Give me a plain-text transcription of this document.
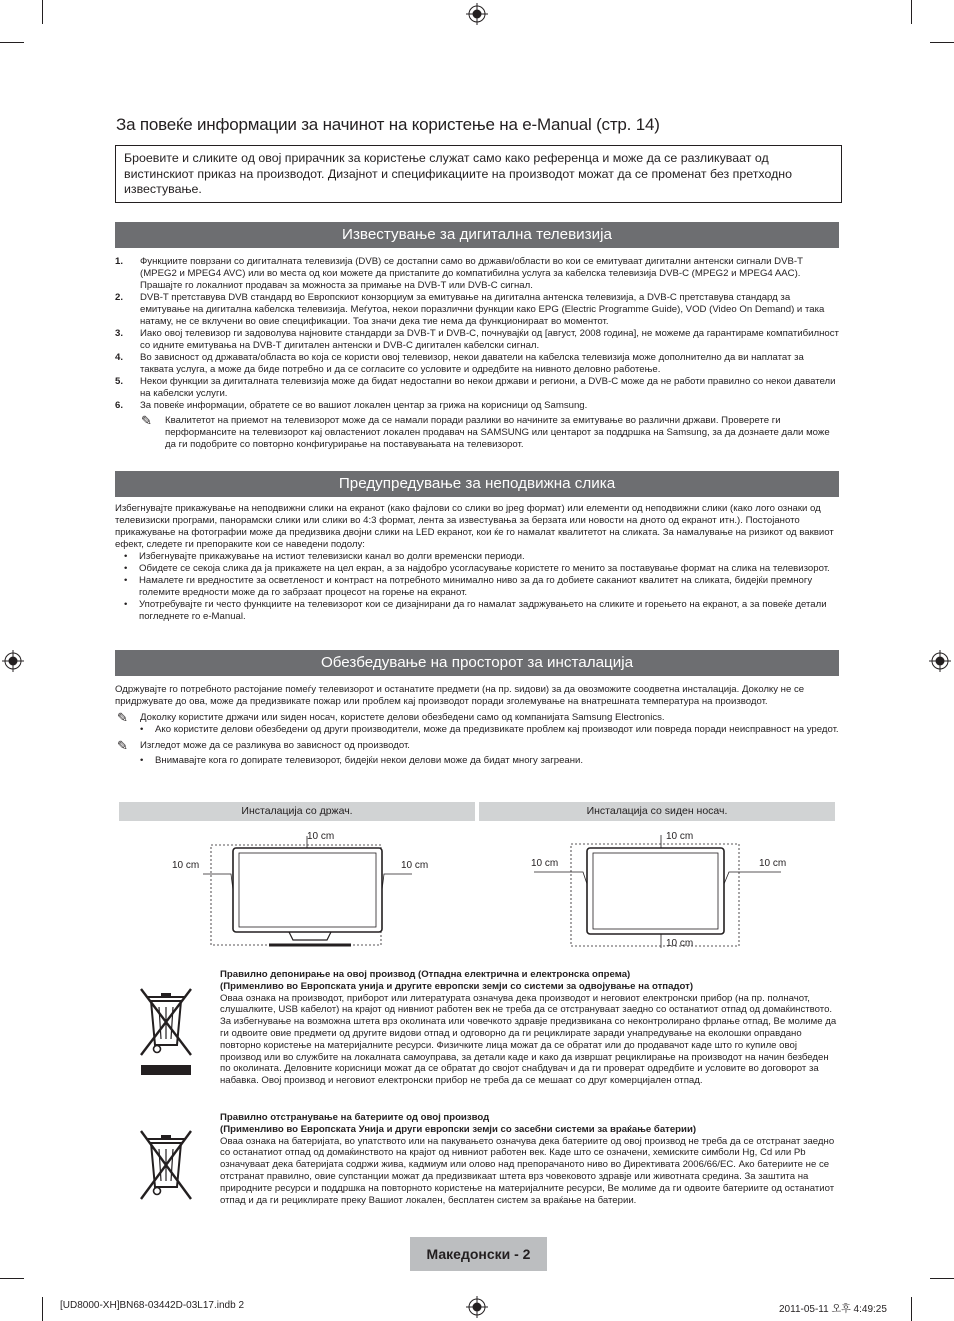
За повеќе информации за начинот на користење на e-Manual (стр. 14)
Броевите и сликите од овој прирачник за користење служат само како референца и може да се разликуваат од вистинскиот приказ на производот. Дизајнот и спецификациите на производот можат да се променат без претходно известување.
Известување за дигитална телевизија
1. Функциите поврзани со дигиталната телевизија (DVB) се достапни само во држави/области во кои се емитуваат дигитални антенски сигнали DVB-T (MPEG2 и MPEG4 AVC) или во места од кои можете да пристапите до компатибилна услуга за кабелска телевизија DVB-C (MPEG2 и MPEG4 AAC). Прашајте го локалниот продавач за можноста за примање на DVB-T или DVB-C сигнал.
2. DVB-T претставува DVB стандард во Европскиот конзорциум за емитување на дигитална антенска телевизија, а DVB-C претставува стандард за емитување на дигитална кабелска телевизија. Меѓутоа, некои поразлични функции како EPG (Electric Programme Guide), VOD (Video On Demand) и така натаму, не се вклучени во овие спецификации. Тоа значи дека тие нема да функционираат во моментот.
3. Иако овој телевизор ги задоволува најновите стандарди за DVB-T и DVB-C, почнувајќи од [август, 2008 година], не можеме да гарантираме компатибилност со идните емитувања на DVB-T дигитален антенски и DVB-C дигитален кабелски сигнал.
4. Во зависност од државата/областа во која се користи овој телевизор, некои даватели на кабелска телевизија може дополнително да ви наплатат за таквата услуга, а може да биде потребно и да се согласите со условите и одредбите на нивното деловно работење.
5. Некои функции за дигиталната телевизија може да бидат недостапни во некои држави и региони, а DVB-C може да не работи правилно со некои даватели на кабелски услуги.
6. За повеќе информации, обратете се во вашиот локален центар за грижа на корисници од Samsung.
✎ Квалитетот на приемот на телевизорот може да се намали поради разлики во начините за емитување во различни држави. Проверете ги перформансите на телевизорот кај овластениот локален продавач на SAMSUNG или центарот за поддршка на Samsung, за да дознаете дали може да ги подобрите со повторно конфигурирање на поставувањата на телевизорот.
Предупредување за неподвижна слика
Избегнувајте прикажување на неподвижни слики на екранот (како фајлови со слики во jpeg формат) или елементи од неподвижни слики (како лого ознаки од телевизиски програми, панорамски слики или слики во 4:3 формат, лента за известувања за берзата или новости на дното од екранот итн.). Постојаното прикажување на фотографии може да предизвика двојни слики на LED екранот, кои ќе го намалат квалитетот на сликата. За намалување на ризикот од ваквиот ефект, следете ги препораките кои се наведени подолу:
• Избегнувајте прикажување на истиот телевизиски канал во долги временски периоди.
• Обидете се секоја слика да ја прикажете на цел екран, а за најдобро усогласување користете го менито за поставување формат на слика на телевизорот.
• Намалете ги вредностите за осветленост и контраст на потребното минимално ниво за да го добиете саканиот квалитет на сликата, бидејќи премногу големите вредности може да го забрзаат процесот на горење на екранот.
• Употребувајте ги често функциите на телевизорот кои се дизајнирани да го намалат задржувањето на сликите и горењето на екранот, а за повеќе детали погледнете го e-Manual.
Обезбедување на просторот за инсталација
Одржувајте го потребното растојание помеѓу телевизорот и останатите предмети (на пр. ѕидови) за да овозможите соодветна инсталација. Доколку не се придржувате до ова, може да предизвикате пожар или проблем кај производот поради зголемување на внатрешната температура на производот.
✎ Доколку користите држачи или ѕиден носач, користете делови обезбедени само од компанијата Samsung Electronics.
• Ако користите делови обезбедени од други производители, може да предизвикате проблем кај производот или повреда поради неисправност на уредот.
✎ Изгледот може да се разликува во зависност од производот.
• Внимавајте кога го допирате телевизорот, бидејќи некои делови може да бидат многу загреани.
Инсталација со држач.	Инсталација со ѕиден носач.
10 cm
10 cm	10 cm
10 cm
10 cm	10 cm
10 cm
Правилно депонирање на овој производ (Отпадна електрична и електронска опрема)
(Применливо во Европската унија и другите европски земји со системи за одвојување на отпадот)
Оваа ознака на производот, приборот или литературата означува дека производот и неговиот електронски прибор (на пр. полначот, слушалките, USB кабелот) на крајот од нивниот работен век не треба да се отстрануваат заедно со останатиот отпад од домаќинството. За избегнување на возможна штета врз околината или човечкото здравје предизвикана со неконтролирано фрлање отпад, Ве молиме да ги одвоите овие предмети од другите видови отпад и одговорно да ги рециклирате заради унапредување на еколошки оправдано повторно користење на материјалните ресурси. Физичките лица можат да се обратат или до продавачот каде што го купиле овој производ или во службите на локалната самоуправа, за детали каде и како да извршат рециклирање на производот на начин безбеден по околината. Деловните корисници можат да се обратат до својот снабдувач и да ги проверат одредбите и условите во договорот за набавка. Овој производ и неговиот електронски прибор не треба да се мешаат со друг комерцијален отпад.
Правилно отстранување на батериите од овој производ
(Применливо во Европската Унија и други европски земји со засебни системи за враќање батерии)
Оваа ознака на батеријата, во упатството или на пакувањето означува дека батериите од овој производ не треба да се отстранат заедно со останатиот отпад од домаќинството на крајот од нивниот работен век. Каде што се означени, хемиските симболи Hg, Cd или Pb означуваат дека батеријата содржи жива, кадмиум или олово над препорачаното ниво во Директивата 2006/66/EC. Ако батериите не се отстранат правилно, овие супстанции можат да предизвикаат штета врз човековото здравје или животната средина. За заштита на природните ресурси и поддршка на повторното користење на материјалните ресурси, Ве молиме да ги одвоите батериите од останатиот отпад и да ги рециклирате преку Вашиот локален, бесплатен систем за враќање на батерии.
Македонски - 2
[UD8000-XH]BN68-03442D-03L17.indb 2	2011-05-11 오후 4:49:25
